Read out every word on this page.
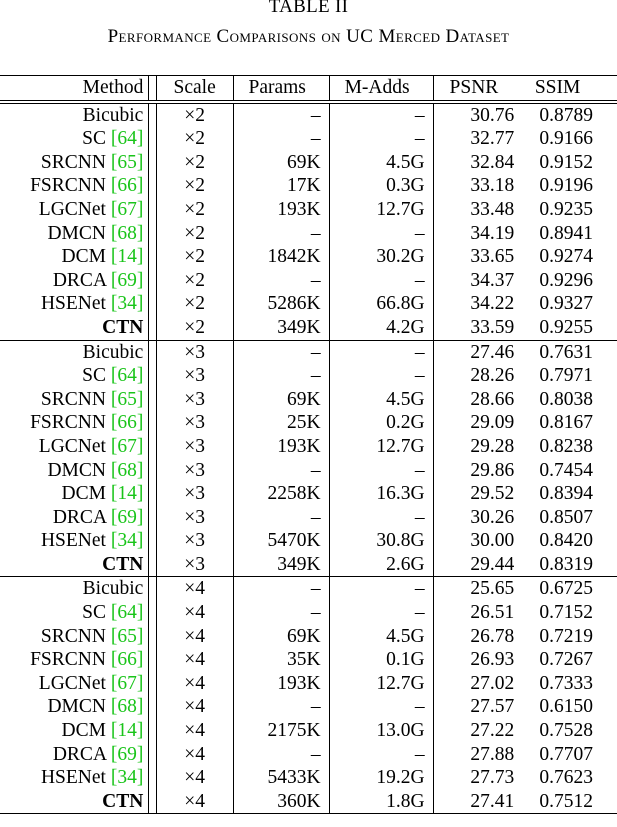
TABLE II
Performance Comparisons on UC Merced Dataset
Method		Scale	Params	M-Adds	PSNR	SSIM
Bicubic		×2	–	–	30.76	0.8789
SC [64]		×2	–	–	32.77	0.9166
SRCNN [65]		×2	69K	4.5G	32.84	0.9152
FSRCNN [66]		×2	17K	0.3G	33.18	0.9196
LGCNet [67]		×2	193K	12.7G	33.48	0.9235
DMCN [68]		×2	–	–	34.19	0.8941
DCM [14]		×2	1842K	30.2G	33.65	0.9274
DRCA [69]		×2	–	–	34.37	0.9296
HSENet [34]		×2	5286K	66.8G	34.22	0.9327
CTN		×2	349K	4.2G	33.59	0.9255
Bicubic		×3	–	–	27.46	0.7631
SC [64]		×3	–	–	28.26	0.7971
SRCNN [65]		×3	69K	4.5G	28.66	0.8038
FSRCNN [66]		×3	25K	0.2G	29.09	0.8167
LGCNet [67]		×3	193K	12.7G	29.28	0.8238
DMCN [68]		×3	–	–	29.86	0.7454
DCM [14]		×3	2258K	16.3G	29.52	0.8394
DRCA [69]		×3	–	–	30.26	0.8507
HSENet [34]		×3	5470K	30.8G	30.00	0.8420
CTN		×3	349K	2.6G	29.44	0.8319
Bicubic		×4	–	–	25.65	0.6725
SC [64]		×4	–	–	26.51	0.7152
SRCNN [65]		×4	69K	4.5G	26.78	0.7219
FSRCNN [66]		×4	35K	0.1G	26.93	0.7267
LGCNet [67]		×4	193K	12.7G	27.02	0.7333
DMCN [68]		×4	–	–	27.57	0.6150
DCM [14]		×4	2175K	13.0G	27.22	0.7528
DRCA [69]		×4	–	–	27.88	0.7707
HSENet [34]		×4	5433K	19.2G	27.73	0.7623
CTN		×4	360K	1.8G	27.41	0.7512
